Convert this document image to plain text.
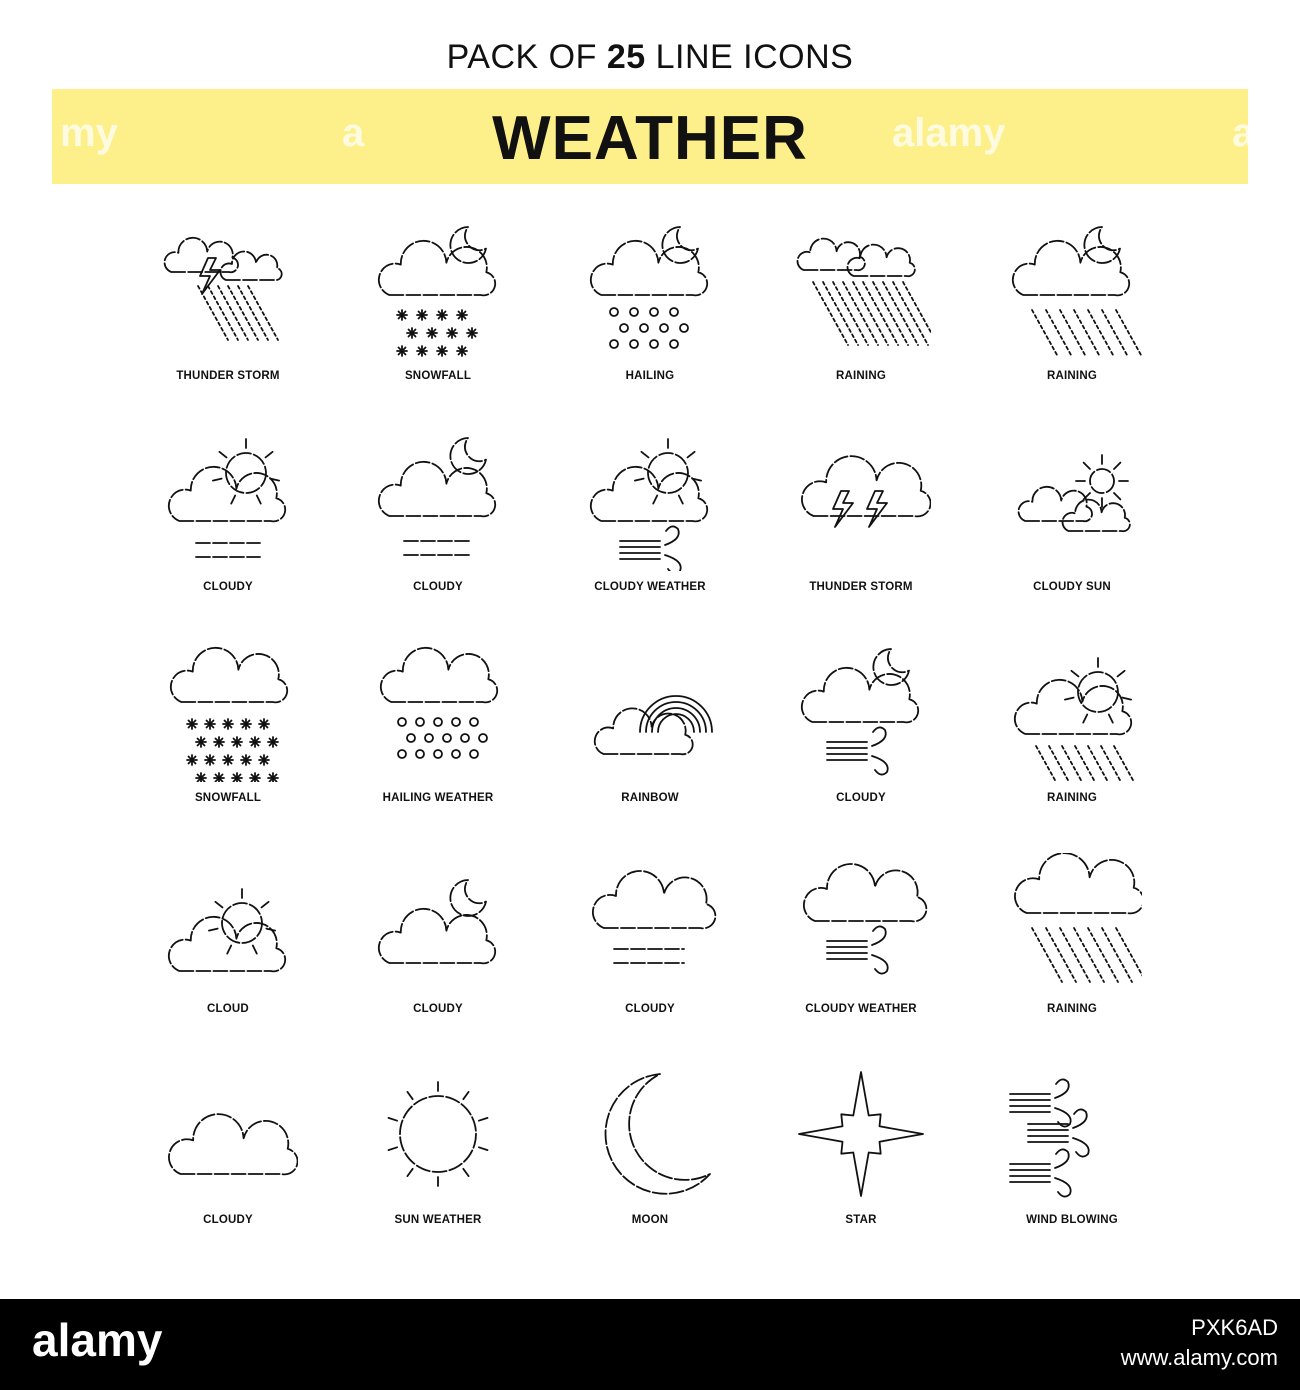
PACK OF 25 LINE ICONS
my	a	alamy	a
WEATHER
THUNDER STORM	SNOWFALL	HAILING	RAINING	RAINING
CLOUDY	CLOUDY	CLOUDY WEATHER	THUNDER STORM	CLOUDY SUN
SNOWFALL	HAILING WEATHER	RAINBOW	CLOUDY	RAINING
CLOUD	CLOUDY	CLOUDY	CLOUDY WEATHER	RAINING
CLOUDY	SUN WEATHER	MOON	STAR	WIND BLOWING
alamy	PXK6AD
www.alamy.com
